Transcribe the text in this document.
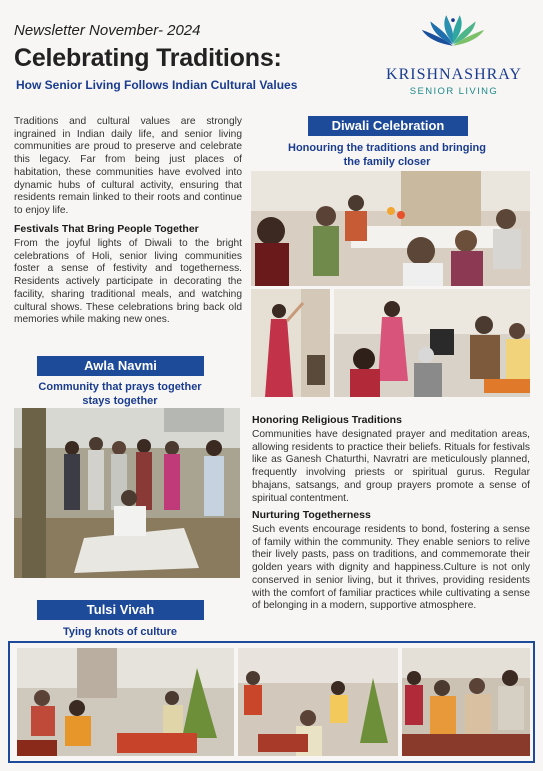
Newsletter November- 2024
Celebrating Traditions:
How Senior Living Follows Indian Cultural Values
KRISHNASHRAY
SENIOR LIVING
Traditions and cultural values are strongly ingrained in Indian daily life, and senior living communities are proud to preserve and celebrate this legacy. Far from being just places of habitation, these communities have evolved into dynamic hubs of cultural activity, ensuring that residents remain linked to their roots and continue to enjoy life.
Festivals That Bring People Together
From the joyful lights of Diwali to the bright celebrations of Holi, senior living communities foster a sense of festivity and togetherness. Residents actively participate in decorating the facility, sharing traditional meals, and watching cultural shows. These celebrations bring back old memories while making new ones.
Diwali Celebration
Honouring the traditions and bringing
the family closer
Awla Navmi
Community that prays together
stays together
Honoring Religious Traditions
Communities have designated prayer and meditation areas, allowing residents to practice their beliefs. Rituals for festivals like as Ganesh Chaturthi, Navratri are meticulously planned, frequently involving priests or spiritual gurus. Regular bhajans, satsangs, and group prayers promote a sense of spiritual contentment.
Nurturing Togetherness
Such events encourage residents to bond, fostering a sense of family within the community. They enable seniors to relive their lively pasts, pass on traditions, and commemorate their golden years with dignity and happiness.Culture is not only conserved in senior living, but it thrives, providing residents with the comfort of familiar practices while cultivating a sense of belonging in a modern, supportive atmosphere.
Tulsi Vivah
Tying knots of culture
